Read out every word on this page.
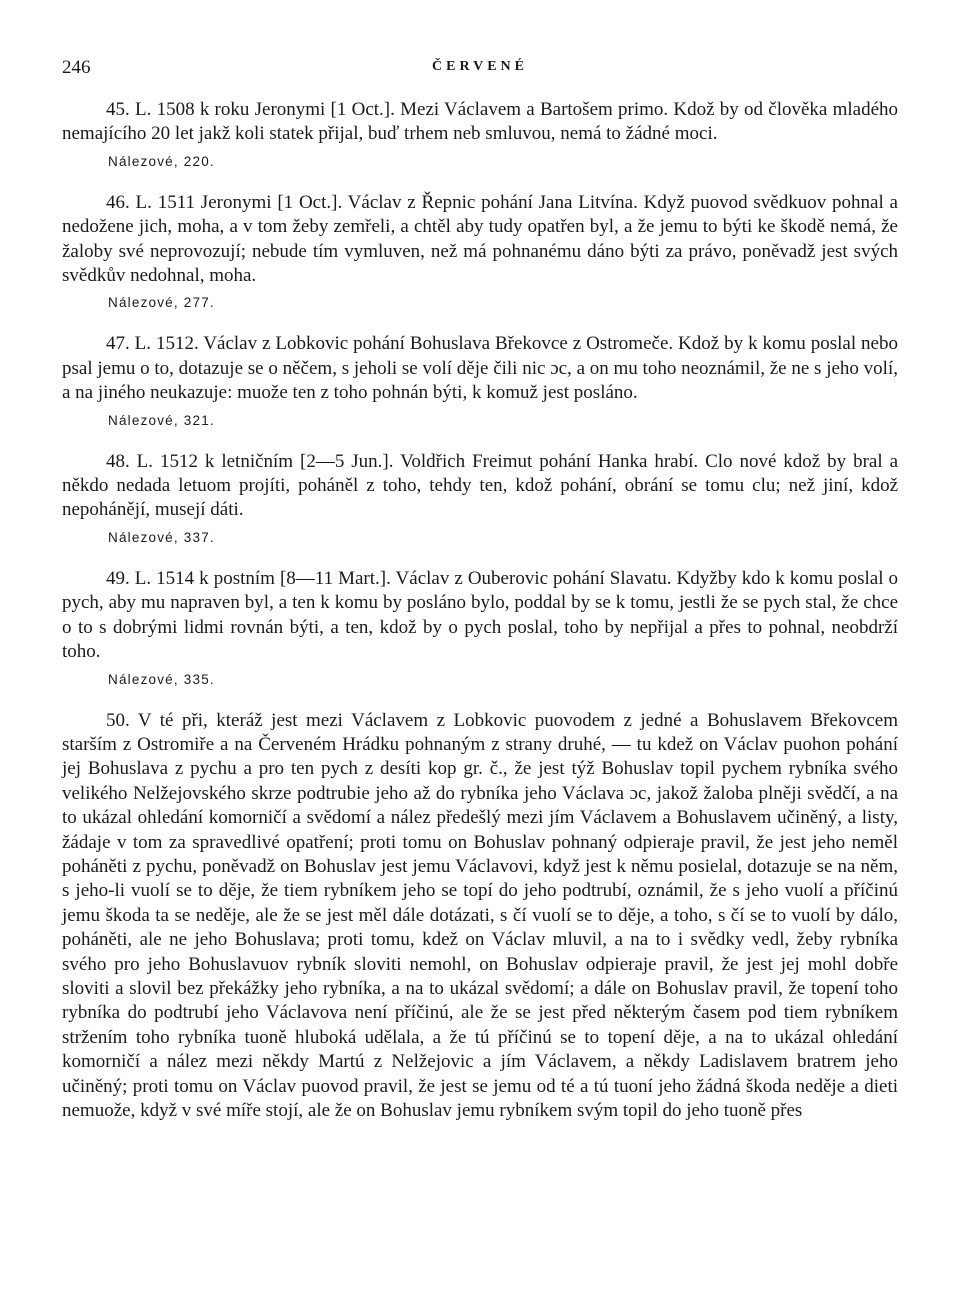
246	ČERVENÉ

45. L. 1508 k roku Jeronymi [1 Oct.]. Mezi Václavem a Bartošem primo. Kdož by od člověka mladého nemajícího 20 let jakž koli statek přijal, buď trhem neb smluvou, nemá to žádné moci.

Nálezové, 220.

46. L. 1511 Jeronymi [1 Oct.]. Václav z Řepnic pohání Jana Litvína. Když puovod svědkuov pohnal a nedožene jich, moha, a v tom žeby zemřeli, a chtěl aby tudy opatřen byl, a že jemu to býti ke škodě nemá, že žaloby své neprovozují; nebude tím vymluven, než má pohnanému dáno býti za právo, poněvadž jest svých svědkův nedohnal, moha.

Nálezové, 277.

47. L. 1512. Václav z Lobkovic pohání Bohuslava Břekovce z Ostromeče. Kdož by k komu poslal nebo psal jemu o to, dotazuje se o něčem, s jeholi se volí děje čili nic ɔc, a on mu toho neoznámil, že ne s jeho volí, a na jiného neukazuje: muože ten z toho pohnán býti, k komuž jest posláno.

Nálezové, 321.

48. L. 1512 k letničním [2—5 Jun.]. Voldřich Freimut pohání Hanka hrabí. Clo nové kdož by bral a někdo nedada letuom projíti, poháněl z toho, tehdy ten, kdož pohání, obrání se tomu clu; než jiní, kdož nepohánějí, musejí dáti.

Nálezové, 337.

49. L. 1514 k postním [8—11 Mart.]. Václav z Ouberovic pohání Slavatu. Kdyžby kdo k komu poslal o pych, aby mu napraven byl, a ten k komu by posláno bylo, poddal by se k tomu, jestli že se pych stal, že chce o to s dobrými lidmi rovnán býti, a ten, kdož by o pych poslal, toho by nepřijal a přes to pohnal, neobdrží toho.

Nálezové, 335.

50. V té při, kteráž jest mezi Václavem z Lobkovic puovodem z jedné a Bohuslavem Břekovcem starším z Ostromiře a na Červeném Hrádku pohnaným z strany druhé, — tu kdež on Václav puohon pohání jej Bohuslava z pychu a pro ten pych z desíti kop gr. č., že jest týž Bohuslav topil pychem rybníka svého velikého Nelžejovského skrze podtrubie jeho až do rybníka jeho Václava ɔc, jakož žaloba plněji svědčí, a na to ukázal ohledání komorničí a svědomí a nález předešlý mezi jím Václavem a Bohuslavem učiněný, a listy, žádaje v tom za spravedlivé opatření; proti tomu on Bohuslav pohnaný odpieraje pravil, že jest jeho neměl poháněti z pychu, poněvadž on Bohuslav jest jemu Václavovi, když jest k němu posielal, dotazuje se na něm, s jeho-li vuolí se to děje, že tiem rybníkem jeho se topí do jeho podtrubí, oznámil, že s jeho vuolí a příčinú jemu škoda ta se neděje, ale že se jest měl dále dotázati, s čí vuolí se to děje, a toho, s čí se to vuolí by dálo, poháněti, ale ne jeho Bohuslava; proti tomu, kdež on Václav mluvil, a na to i svědky vedl, žeby rybníka svého pro jeho Bohuslavuov rybník sloviti nemohl, on Bohuslav odpieraje pravil, že jest jej mohl dobře sloviti a slovil bez překážky jeho rybníka, a na to ukázal svědomí; a dále on Bohuslav pravil, že topení toho rybníka do podtrubí jeho Václavova není příčinú, ale že se jest před některým časem pod tiem rybníkem stržením toho rybníka tuoně hluboká udělala, a že tú příčinú se to topení děje, a na to ukázal ohledání komorničí a nález mezi někdy Martú z Nelžejovic a jím Václavem, a někdy Ladislavem bratrem jeho učiněný; proti tomu on Václav puovod pravil, že jest se jemu od té a tú tuoní jeho žádná škoda neděje a dieti nemuože, když v své míře stojí, ale že on Bohuslav jemu rybníkem svým topil do jeho tuoně přes
